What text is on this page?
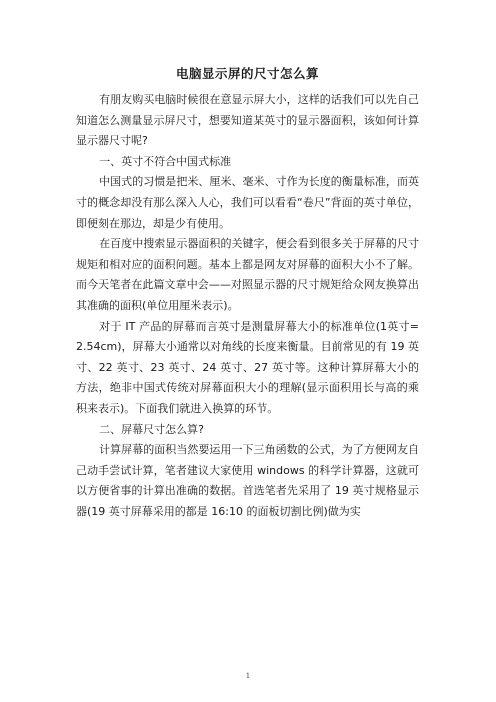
电脑显示屏的尺寸怎么算

有朋友购买电脑时候很在意显示屏大小，这样的话我们可以先自己知道怎么测量显示屏尺寸，想要知道某英寸的显示器面积，该如何计算显示器尺寸呢?

一、英寸不符合中国式标准

中国式的习惯是把米、厘米、毫米、寸作为长度的衡量标准，而英寸的概念却没有那么深入人心，我们可以看看“卷尺”背面的英寸单位，即便刻在那边，却是少有使用。

在百度中搜索显示器面积的关键字，便会看到很多关于屏幕的尺寸规矩和相对应的面积问题。基本上都是网友对屏幕的面积大小不了解。而今天笔者在此篇文章中会——对照显示器的尺寸规矩给众网友换算出其准确的面积(单位用厘米表示)。

对于 IT 产品的屏幕而言英寸是测量屏幕大小的标准单位(1英寸=2.54cm)，屏幕大小通常以对角线的长度来衡量。目前常见的有 19 英寸、22 英寸、23 英寸、24 英寸、27 英寸等。这种计算屏幕大小的方法，绝非中国式传统对屏幕面积大小的理解(显示面积用长与高的乘积来表示)。下面我们就进入换算的环节。

二、屏幕尺寸怎么算?

计算屏幕的面积当然要运用一下三角函数的公式，为了方便网友自己动手尝试计算，笔者建议大家使用 windows 的科学计算器，这就可以方便省事的计算出准确的数据。首选笔者先采用了 19 英寸规格显示器(19 英寸屏幕采用的都是 16:10 的面板切割比例)做为实

1
